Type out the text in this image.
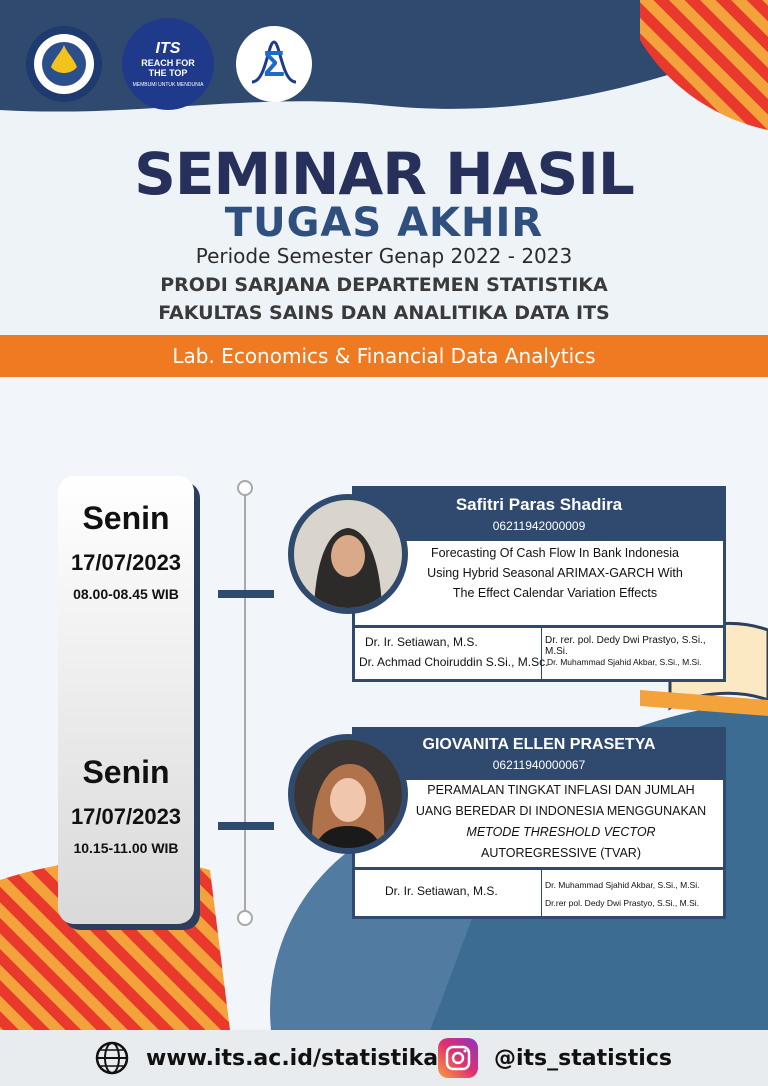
ITS
REACH FOR THE TOP
MEMBUMI UNTUK MENDUNIA
Σ
SEMINAR HASIL
TUGAS AKHIR
Periode Semester Genap 2022 - 2023
PRODI SARJANA DEPARTEMEN STATISTIKA
FAKULTAS SAINS DAN ANALITIKA DATA ITS
Lab. Economics & Financial Data Analytics
Senin
17/07/2023
08.00-08.45 WIB
Senin
17/07/2023
10.15-11.00 WIB
Safitri Paras Shadira
06211942000009
Forecasting Of Cash Flow In Bank Indonesia
Using Hybrid Seasonal ARIMAX-GARCH With
The Effect Calendar Variation Effects
Dr. Ir. Setiawan, M.S.
Dr. Achmad Choiruddin S.Si., M.Sc.
Dr. rer. pol. Dedy Dwi Prastyo, S.Si., M.Si.
Dr. Muhammad Sjahid Akbar, S.Si., M.Si.
GIOVANITA ELLEN PRASETYA
06211940000067
PERAMALAN TINGKAT INFLASI DAN JUMLAH
UANG BEREDAR DI INDONESIA MENGGUNAKAN
METODE THRESHOLD VECTOR
AUTOREGRESSIVE (TVAR)
Dr. Ir. Setiawan, M.S.	Dr. Muhammad Sjahid Akbar, S.Si., M.Si.
Dr.rer pol. Dedy Dwi Prastyo, S.Si., M.Si.
www.its.ac.id/statistika	@its_statistics
